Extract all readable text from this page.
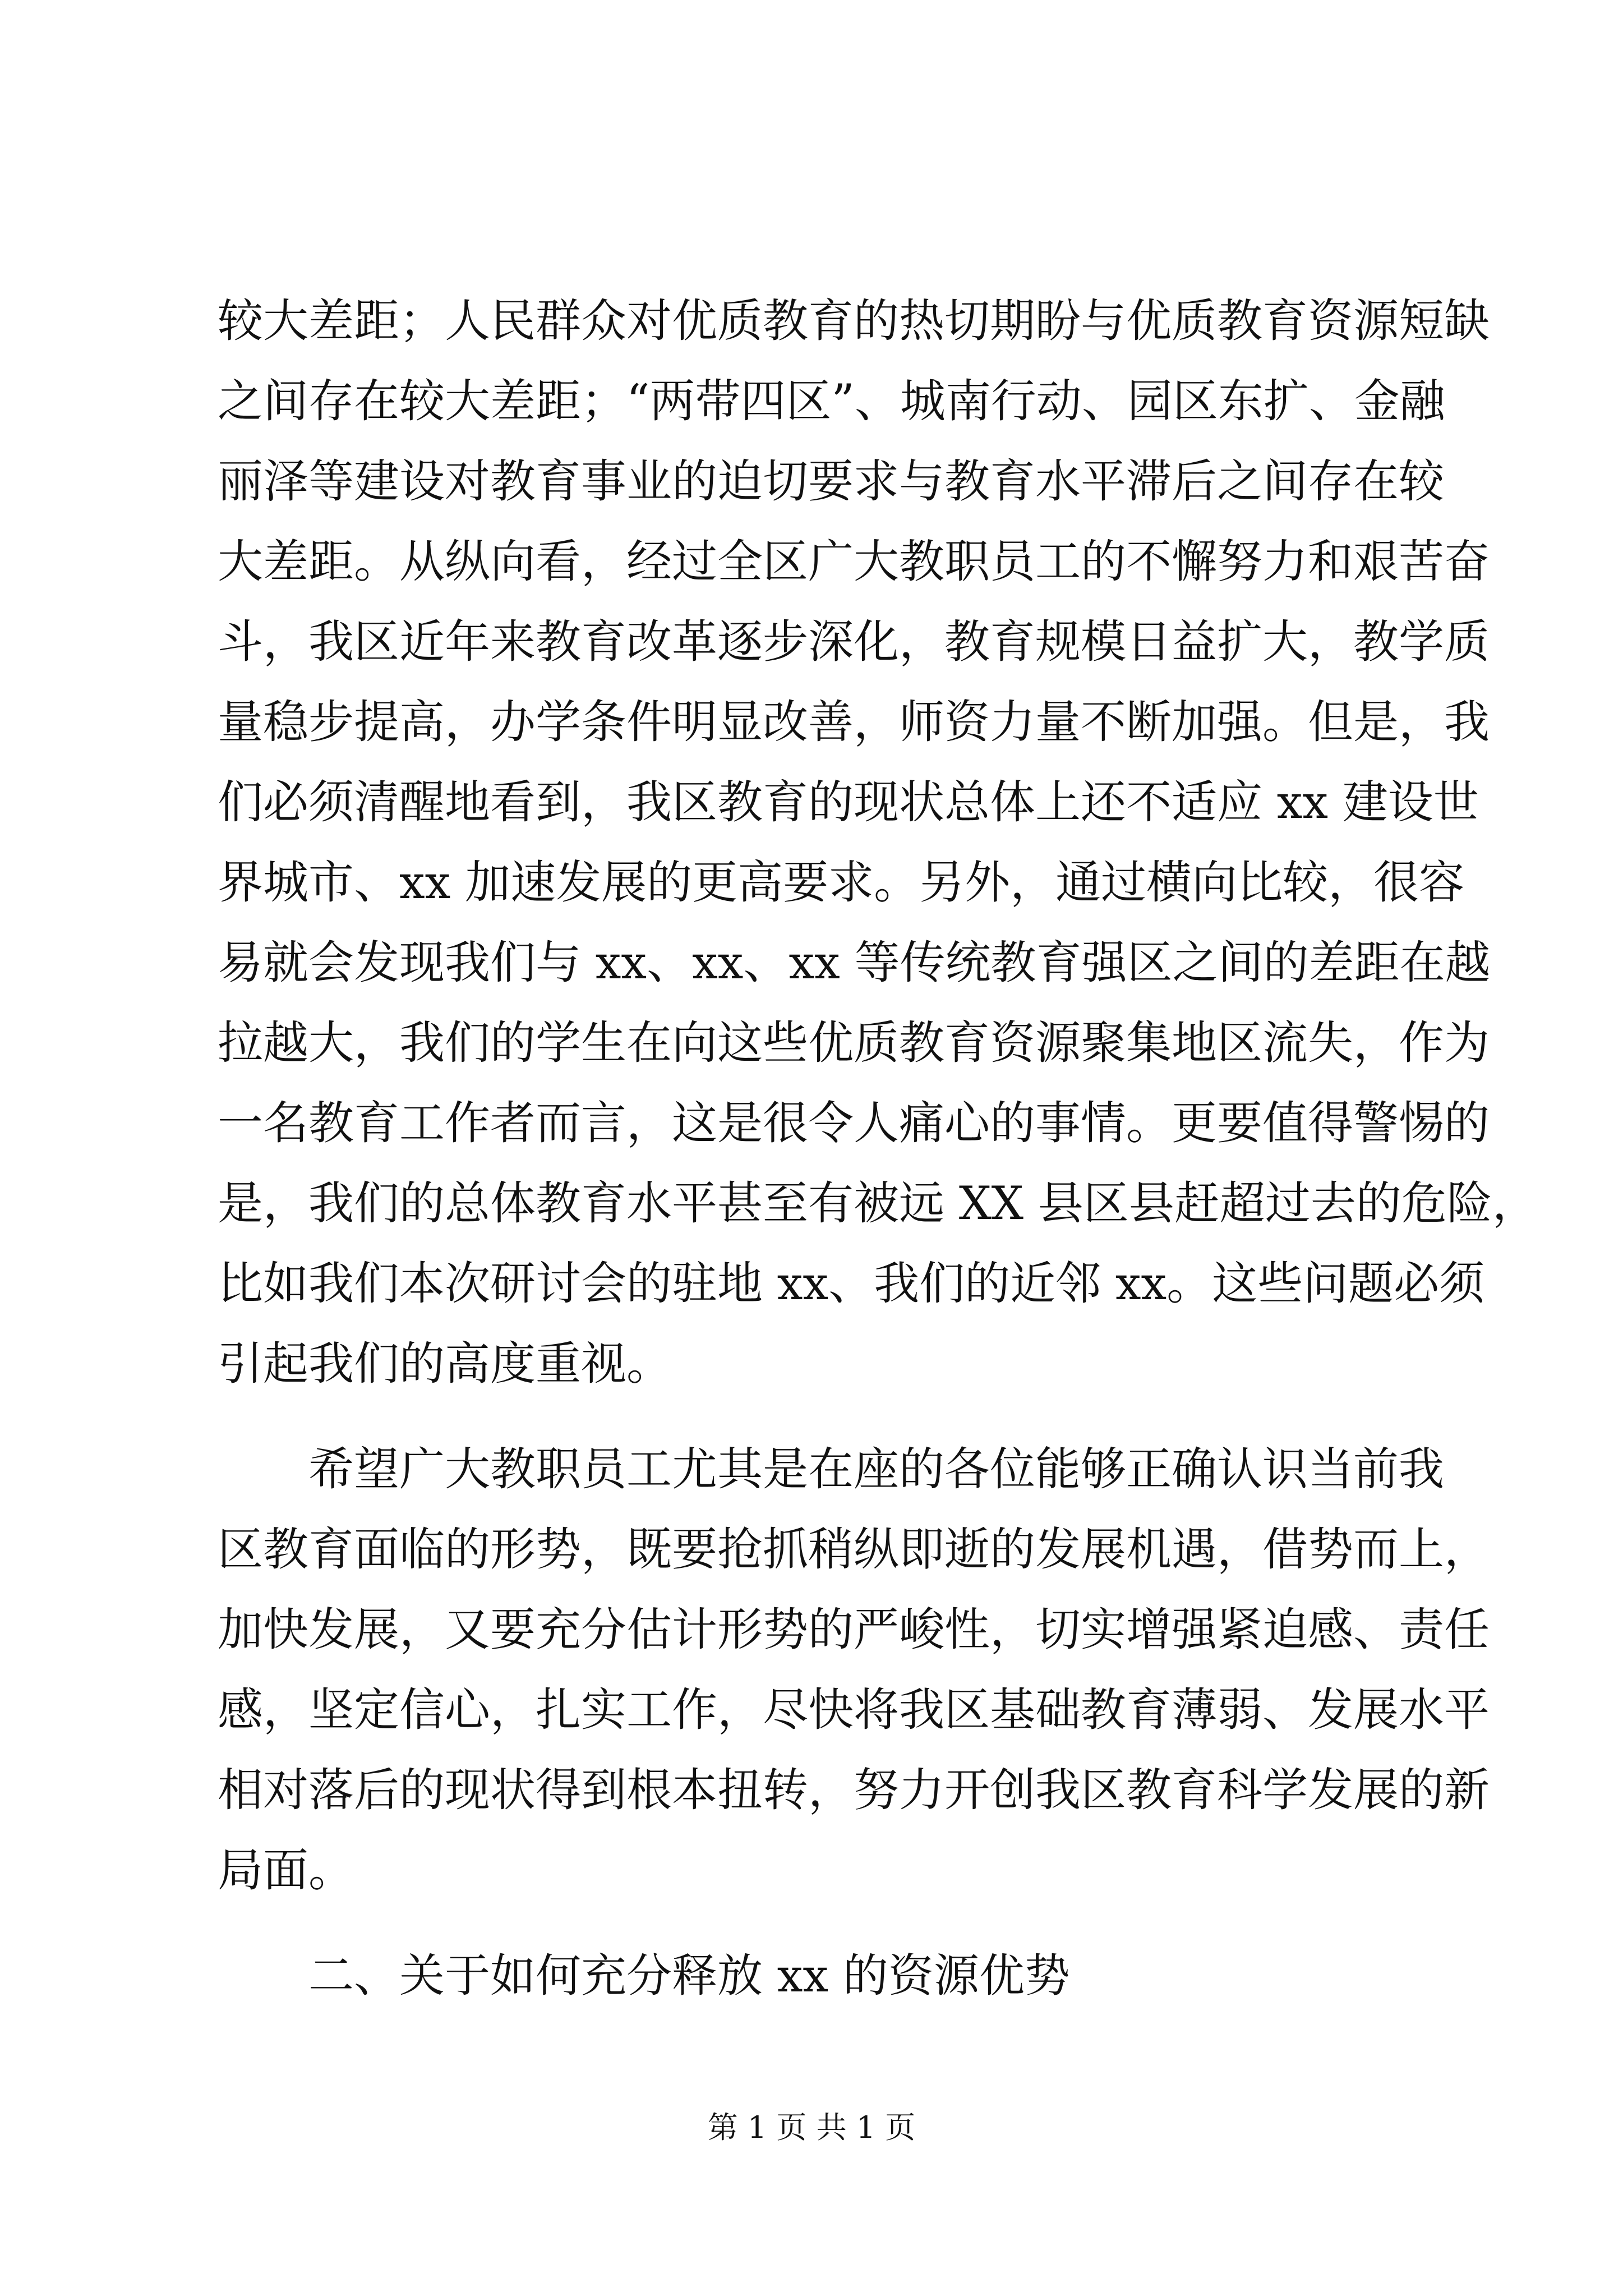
较大差距；人民群众对优质教育的热切期盼与优质教育资源短缺
之间存在较大差距；“两带四区”、城南行动、园区东扩、金融
丽泽等建设对教育事业的迫切要求与教育水平滞后之间存在较
大差距。从纵向看，经过全区广大教职员工的不懈努力和艰苦奋
斗，我区近年来教育改革逐步深化，教育规模日益扩大，教学质
量稳步提高，办学条件明显改善，师资力量不断加强。但是，我
们必须清醒地看到，我区教育的现状总体上还不适应 xx 建设世
界城市、xx 加速发展的更高要求。另外，通过横向比较，很容
易就会发现我们与 xx、xx、xx 等传统教育强区之间的差距在越
拉越大，我们的学生在向这些优质教育资源聚集地区流失，作为
一名教育工作者而言，这是很令人痛心的事情。更要值得警惕的
是，我们的总体教育水平甚至有被远 XX 县区县赶超过去的危险，
比如我们本次研讨会的驻地 xx、我们的近邻 xx。这些问题必须
引起我们的高度重视。
　　希望广大教职员工尤其是在座的各位能够正确认识当前我
区教育面临的形势，既要抢抓稍纵即逝的发展机遇，借势而上，
加快发展，又要充分估计形势的严峻性，切实增强紧迫感、责任
感，坚定信心，扎实工作，尽快将我区基础教育薄弱、发展水平
相对落后的现状得到根本扭转，努力开创我区教育科学发展的新
局面。
　　二、关于如何充分释放 xx 的资源优势
第 1 页 共 1 页
